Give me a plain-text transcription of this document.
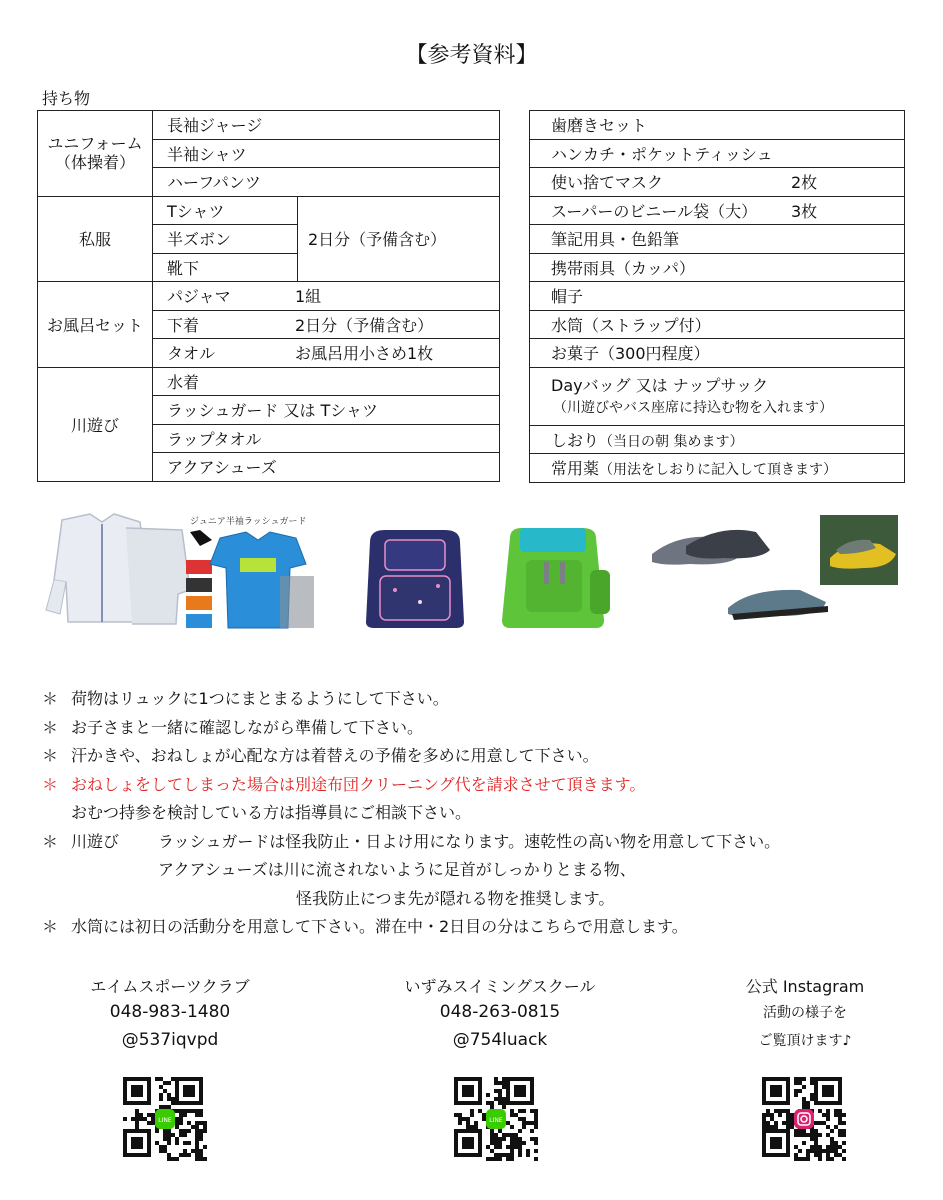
【参考資料】
持ち物
ユニフォーム
（体操着）	長袖ジャージ	
	半袖シャツ	
	ハーフパンツ	
私服	Tシャツ	2日分（予備含む）
	半ズボン	
	靴下	
お風呂セット	パジャマ 1組	
	下着 2日分（予備含む）	
	タオル お風呂用小さめ1枚	
川遊び	水着	
	ラッシュガード 又は Tシャツ	
	ラップタオル	
	アクアシューズ	
歯磨きセット
ハンカチ・ポケットティッシュ
使い捨てマスク	2枚
スーパーのビニール袋（大） 3枚
筆記用具・色鉛筆
携帯雨具（カッパ）
帽子
水筒（ストラップ付）
お菓子（300円程度）

Dayバッグ 又は ナップサック
（川遊びやバス座席に持込む物を入れます）

しおり（当日の朝 集めます）
常用薬（用法をしおりに記入して頂きます）
ジュニア半袖ラッシュガード
＊ 荷物はリュックに1つにまとまるようにして下さい。
＊ お子さまと一緒に確認しながら準備して下さい。
＊ 汗かきや、おねしょが心配な方は着替えの予備を多めに用意して下さい。
＊ おねしょをしてしまった場合は別途布団クリーニング代を請求させて頂きます。
おむつ持参を検討している方は指導員にご相談下さい。
＊ 川遊び ラッシュガードは怪我防止・日よけ用になります。速乾性の高い物を用意して下さい。
アクアシューズは川に流されないように足首がしっかりとまる物、
怪我防止につま先が隠れる物を推奨します。
＊ 水筒には初日の活動分を用意して下さい。滞在中・2日目の分はこちらで用意します。
エイムスポーツクラブ
048-983-1480
@537iqvpd
いずみスイミングスクール
048-263-0815
@754luack
公式 Instagram
活動の様子を
ご覧頂けます♪
LINE	LINE
